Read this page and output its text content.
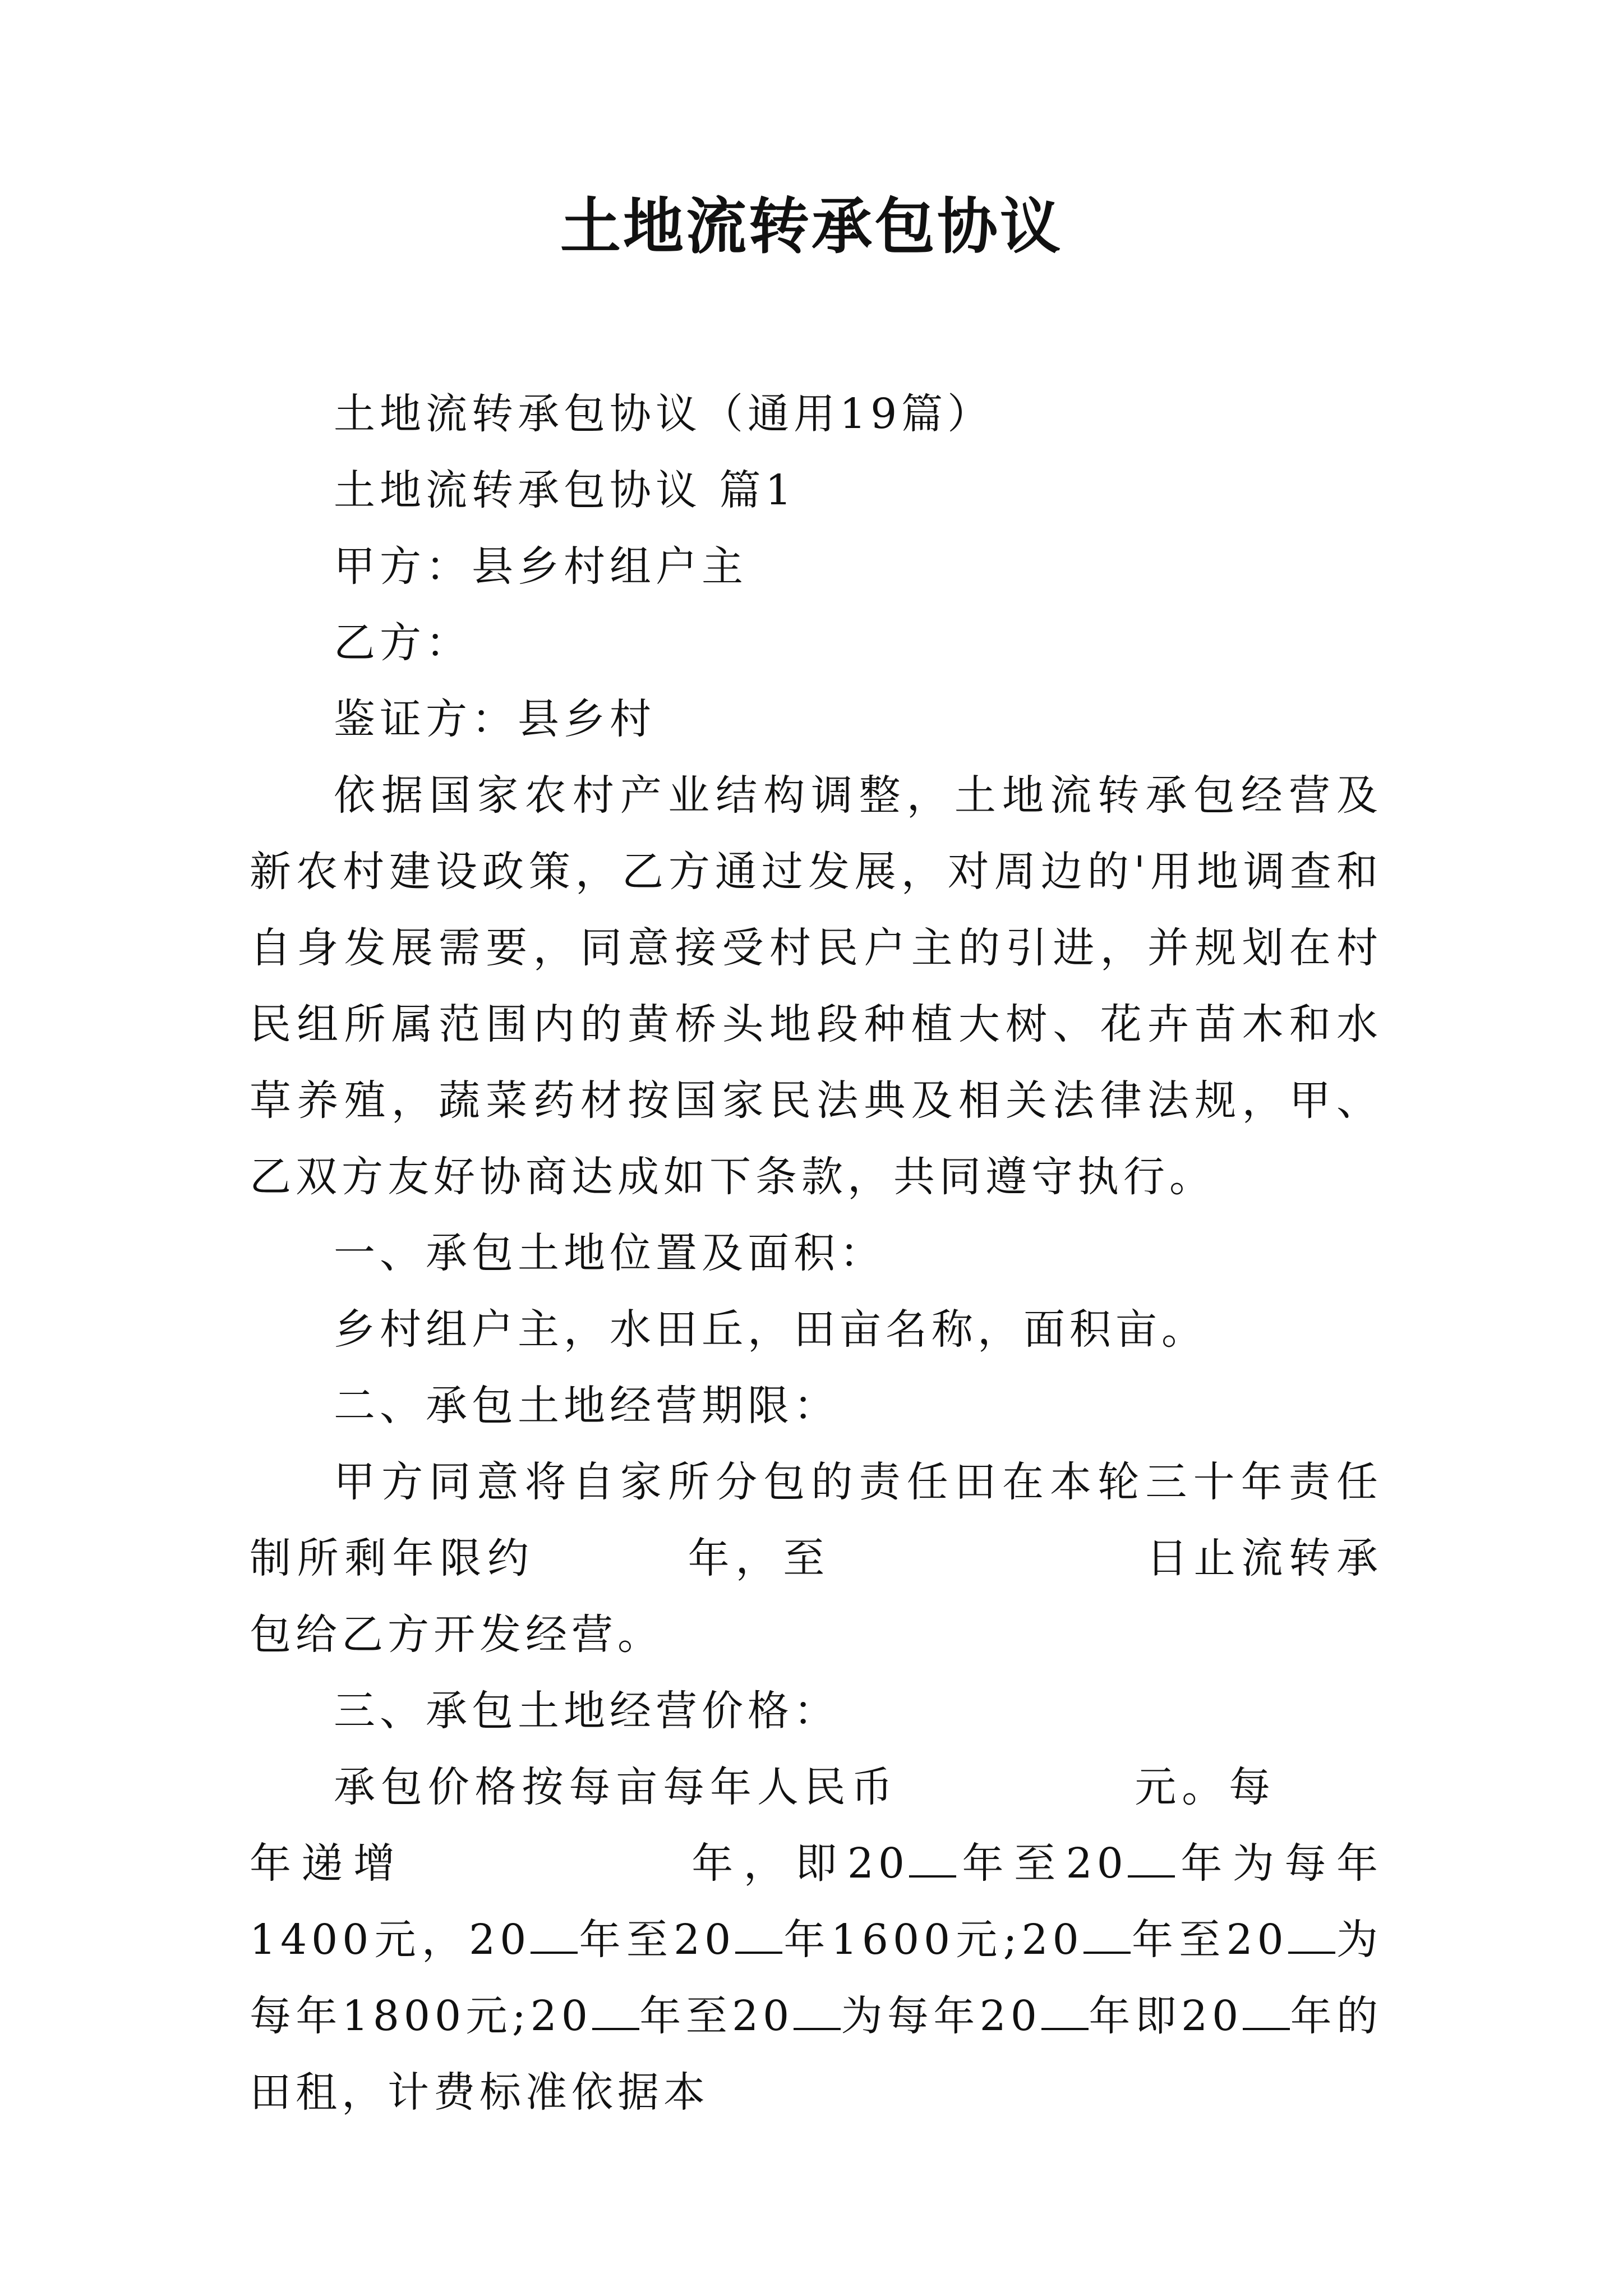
土地流转承包协议

土地流转承包协议（通用19篇）

土地流转承包协议 篇1

甲方：县乡村组户主

乙方：

鉴证方：县乡村

依据国家农村产业结构调整，土地流转承包经营及新农村建设政策，乙方通过发展，对周边的'用地调查和自身发展需要，同意接受村民户主的引进，并规划在村民组所属范围内的黄桥头地段种植大树、花卉苗木和水草养殖，蔬菜药材按国家民法典及相关法律法规，甲、乙双方友好协商达成如下条款，共同遵守执行。

一、承包土地位置及面积：

乡村组户主，水田丘，田亩名称，面积亩。

二、承包土地经营期限：

甲方同意将自家所分包的责任田在本轮三十年责任制所剩年限约	年，至	日止流转承包给乙方开发经营。

三、承包土地经营价格：

承包价格按每亩每年人民币	元。每年递增	年，即20 年至20 年为每年1400元，20 年至20 年1600元;20 年至20 为每年1800元;20 年至20 为每年20 年即20 年的田租，计费标准依据本
